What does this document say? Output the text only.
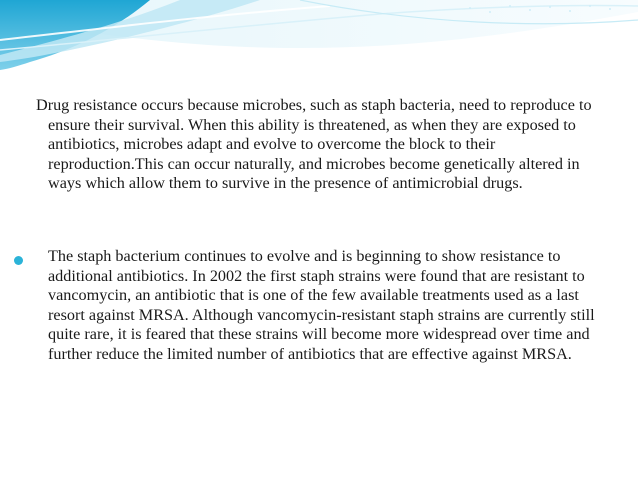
Drug resistance occurs because microbes, such as staph bacteria, need to reproduce to ensure their survival. When this ability is threatened, as when they are exposed to antibiotics, microbes adapt and evolve to overcome the block to their reproduction.This can occur naturally, and microbes become genetically altered in ways which allow them to survive in the presence of antimicrobial drugs.

The staph bacterium continues to evolve and is beginning to show resistance to additional antibiotics. In 2002 the first staph strains were found that are resistant to vancomycin, an antibiotic that is one of the few available treatments used as a last resort against MRSA. Although vancomycin-resistant staph strains are currently still quite rare, it is feared that these strains will become more widespread over time and further reduce the limited number of antibiotics that are effective against MRSA.
